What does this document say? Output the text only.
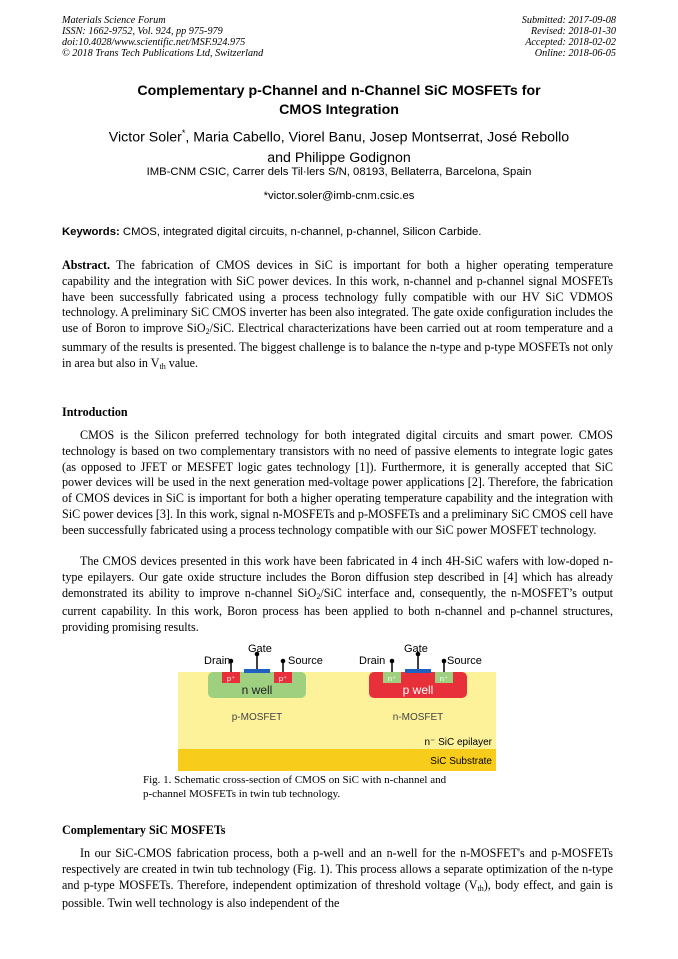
Materials Science Forum
ISSN: 1662-9752, Vol. 924, pp 975-979
doi:10.4028/www.scientific.net/MSF.924.975
© 2018 Trans Tech Publications Ltd, Switzerland
Submitted: 2017-09-08
Revised: 2018-01-30
Accepted: 2018-02-02
Online: 2018-06-05
Complementary p-Channel and n-Channel SiC MOSFETs for
CMOS Integration
Victor Soler*, Maria Cabello, Viorel Banu, Josep Montserrat, José Rebollo
and Philippe Godignon
IMB-CNM CSIC, Carrer dels Til·lers S/N, 08193, Bellaterra, Barcelona, Spain
*victor.soler@imb-cnm.csic.es
Keywords: CMOS, integrated digital circuits, n-channel, p-channel, Silicon Carbide.
Abstract. The fabrication of CMOS devices in SiC is important for both a higher operating temperature capability and the integration with SiC power devices. In this work, n-channel and p-channel signal MOSFETs have been successfully fabricated using a process technology fully compatible with our HV SiC VDMOS technology. A preliminary SiC CMOS inverter has been also integrated. The gate oxide configuration includes the use of Boron to improve SiO$_2$/SiC. Electrical characterizations have been carried out at room temperature and a summary of the results is presented. The biggest challenge is to balance the n-type and p-type MOSFETs not only in area but also in $V_{th}$ value.
Introduction
CMOS is the Silicon preferred technology for both integrated digital circuits and smart power. CMOS technology is based on two complementary transistors with no need of passive elements to integrate logic gates (as opposed to JFET or MESFET logic gates technology [1]). Furthermore, it is generally accepted that SiC power devices will be used in the next generation med-voltage power applications [2]. Therefore, the fabrication of CMOS devices in SiC is important for both a higher operating temperature capability and the integration with SiC power devices [3]. In this work, signal n-MOSFETs and p-MOSFETs and a preliminary SiC CMOS cell have been successfully fabricated using a process technology compatible with our SiC power MOSFET technology.
The CMOS devices presented in this work have been fabricated in 4 inch 4H-SiC wafers with low-doped n-type epilayers. Our gate oxide structure includes the Boron diffusion step described in [4] which has already demonstrated its ability to improve n-channel SiO$_2$/SiC interface and, consequently, the n-MOSFET’s output current capability. In this work, Boron process has been applied to both n-channel and p-channel structures, providing promising results.
Drain
Gate
Source
p⁺	p⁺
n well
p-MOSFET
Drain
Gate
Source
n⁺	n⁺
p well
n-MOSFET
n⁻ SiC epilayer
SiC Substrate
Fig. 1. Schematic cross-section of CMOS on SiC with n-channel and
p-channel MOSFETs in twin tub technology.
Complementary SiC MOSFETs
In our SiC-CMOS fabrication process, both a p-well and an n-well for the n-MOSFET's and p-MOSFETs respectively are created in twin tub technology (Fig. 1). This process allows a separate optimization of the n-type and p-type MOSFETs. Therefore, independent optimization of threshold voltage $(V_{th})$, body effect, and gain is possible. Twin well technology is also independent of the
